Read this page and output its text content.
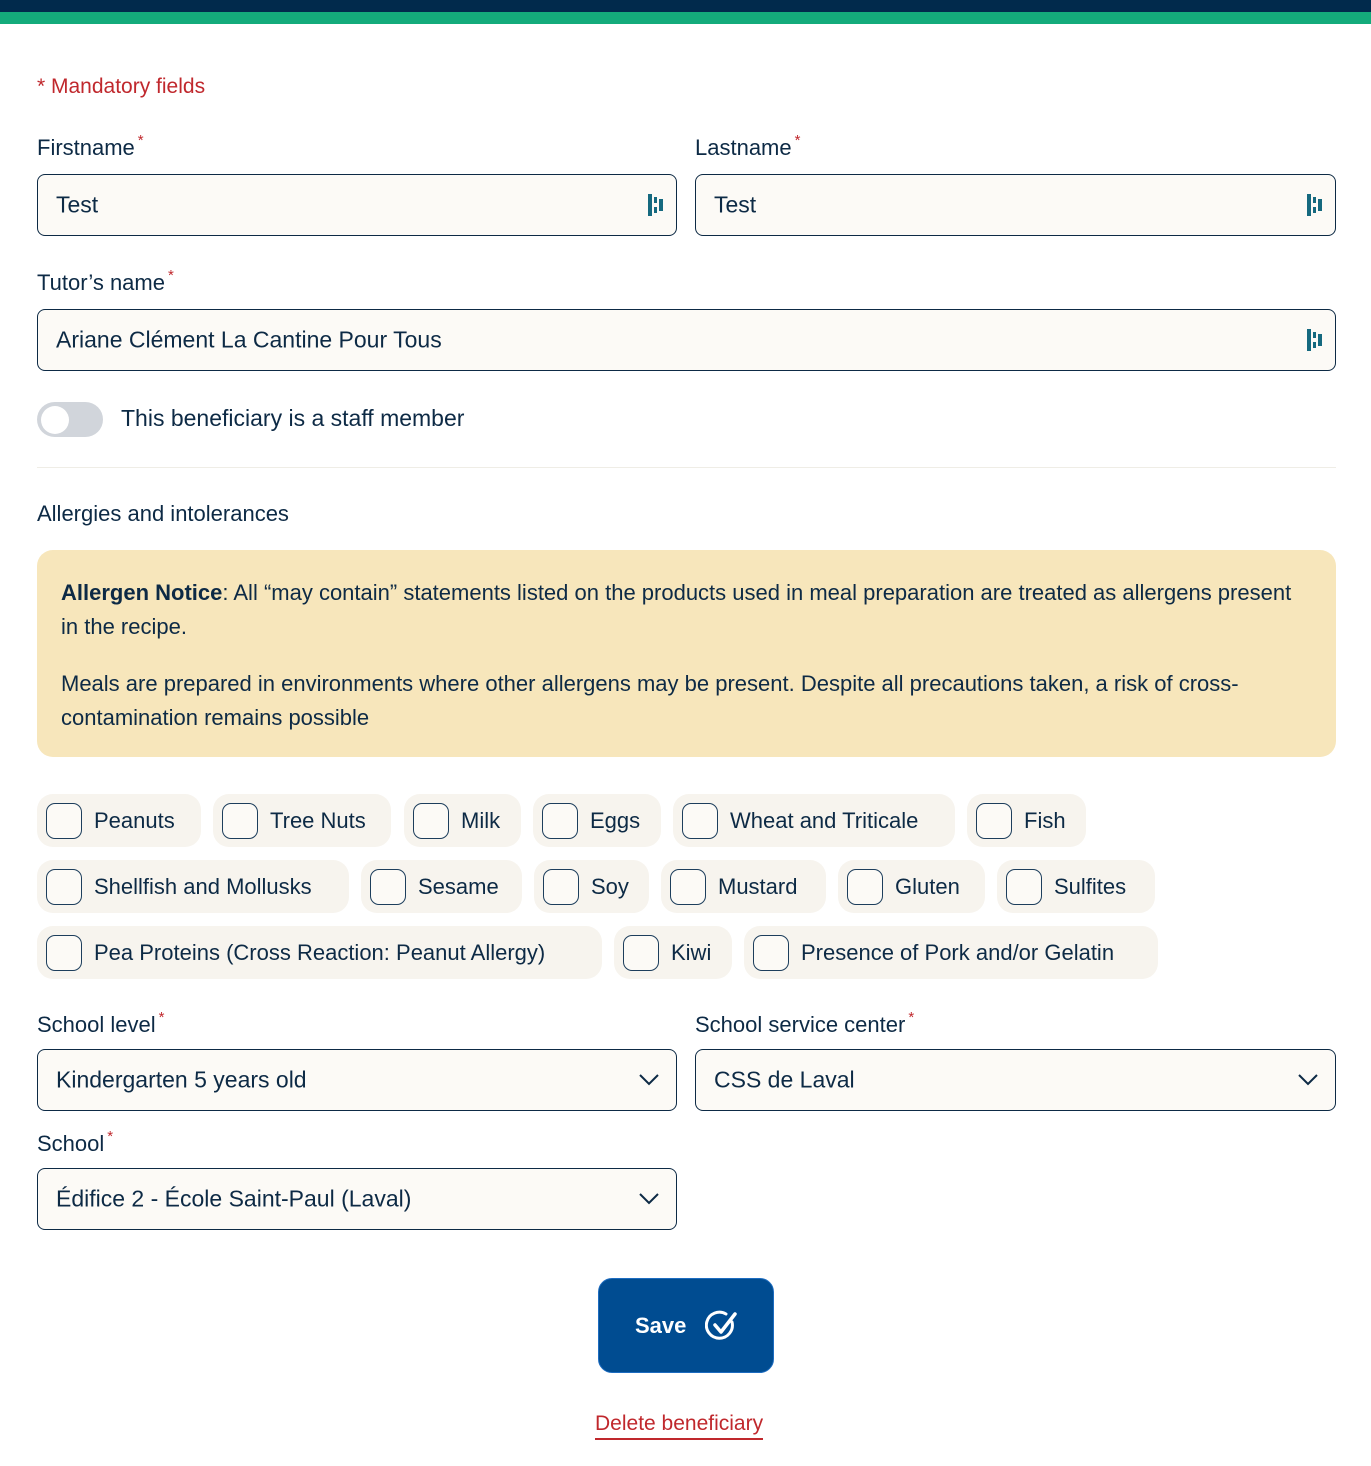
* Mandatory fields
Firstname *
Test
Lastname *
Test
Tutor’s name *
Ariane Clément La Cantine Pour Tous
This beneficiary is a staff member
Allergies and intolerances

Allergen Notice: All “may contain” statements listed on the products used in meal preparation are treated as allergens present in the recipe.

Meals are prepared in environments where other allergens may be present. Despite all precautions taken, a risk of cross-contamination remains possible

Peanuts	Tree Nuts	Milk	Eggs	Wheat and Triticale	Fish
Shellfish and Mollusks	Sesame	Soy	Mustard	Gluten	Sulfites
Pea Proteins (Cross Reaction: Peanut Allergy)	Kiwi	Presence of Pork and/or Gelatin
School level *
Kindergarten 5 years old
School service center *
CSS de Laval
School *
Édifice 2 - École Saint-Paul (Laval)
Save
Delete beneficiary
